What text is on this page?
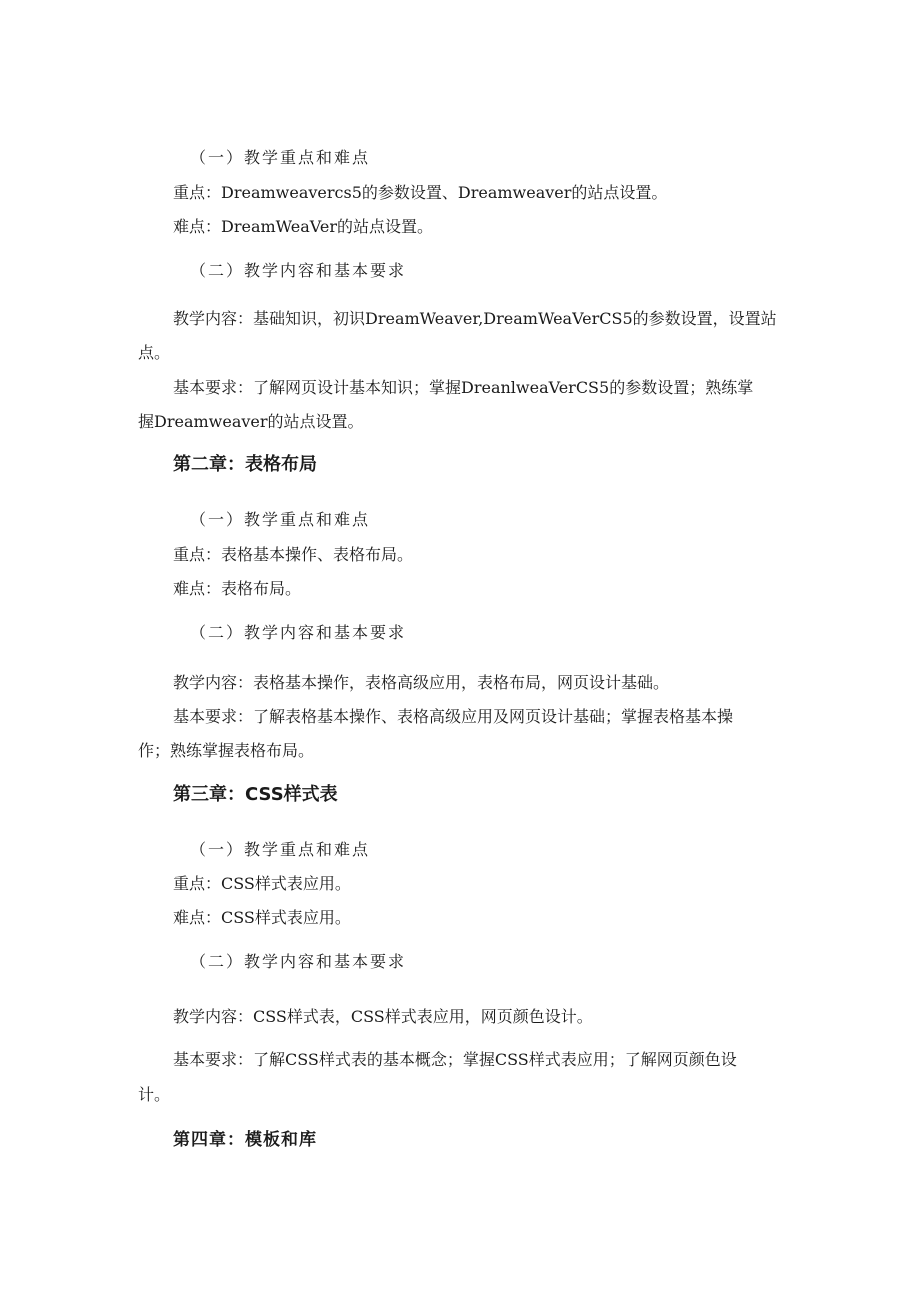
（一）教学重点和难点
重点：Dreamweavercs5的参数设置、Dreamweaver的站点设置。
难点：DreamWeaVer的站点设置。
（二）教学内容和基本要求
教学内容：基础知识，初识DreamWeaver,DreamWeaVerCS5的参数设置，设置站
点。
基本要求：了解网页设计基本知识；掌握DreanlweaVerCS5的参数设置；熟练掌
握Dreamweaver的站点设置。
第二章：表格布局
（一）教学重点和难点
重点：表格基本操作、表格布局。
难点：表格布局。
（二）教学内容和基本要求
教学内容：表格基本操作，表格高级应用，表格布局，网页设计基础。
基本要求：了解表格基本操作、表格高级应用及网页设计基础；掌握表格基本操
作；熟练掌握表格布局。
第三章：CSS样式表
（一）教学重点和难点
重点：CSS样式表应用。
难点：CSS样式表应用。
（二）教学内容和基本要求
教学内容：CSS样式表，CSS样式表应用，网页颜色设计。
基本要求：了解CSS样式表的基本概念；掌握CSS样式表应用；了解网页颜色设
计。
第四章：模板和库
